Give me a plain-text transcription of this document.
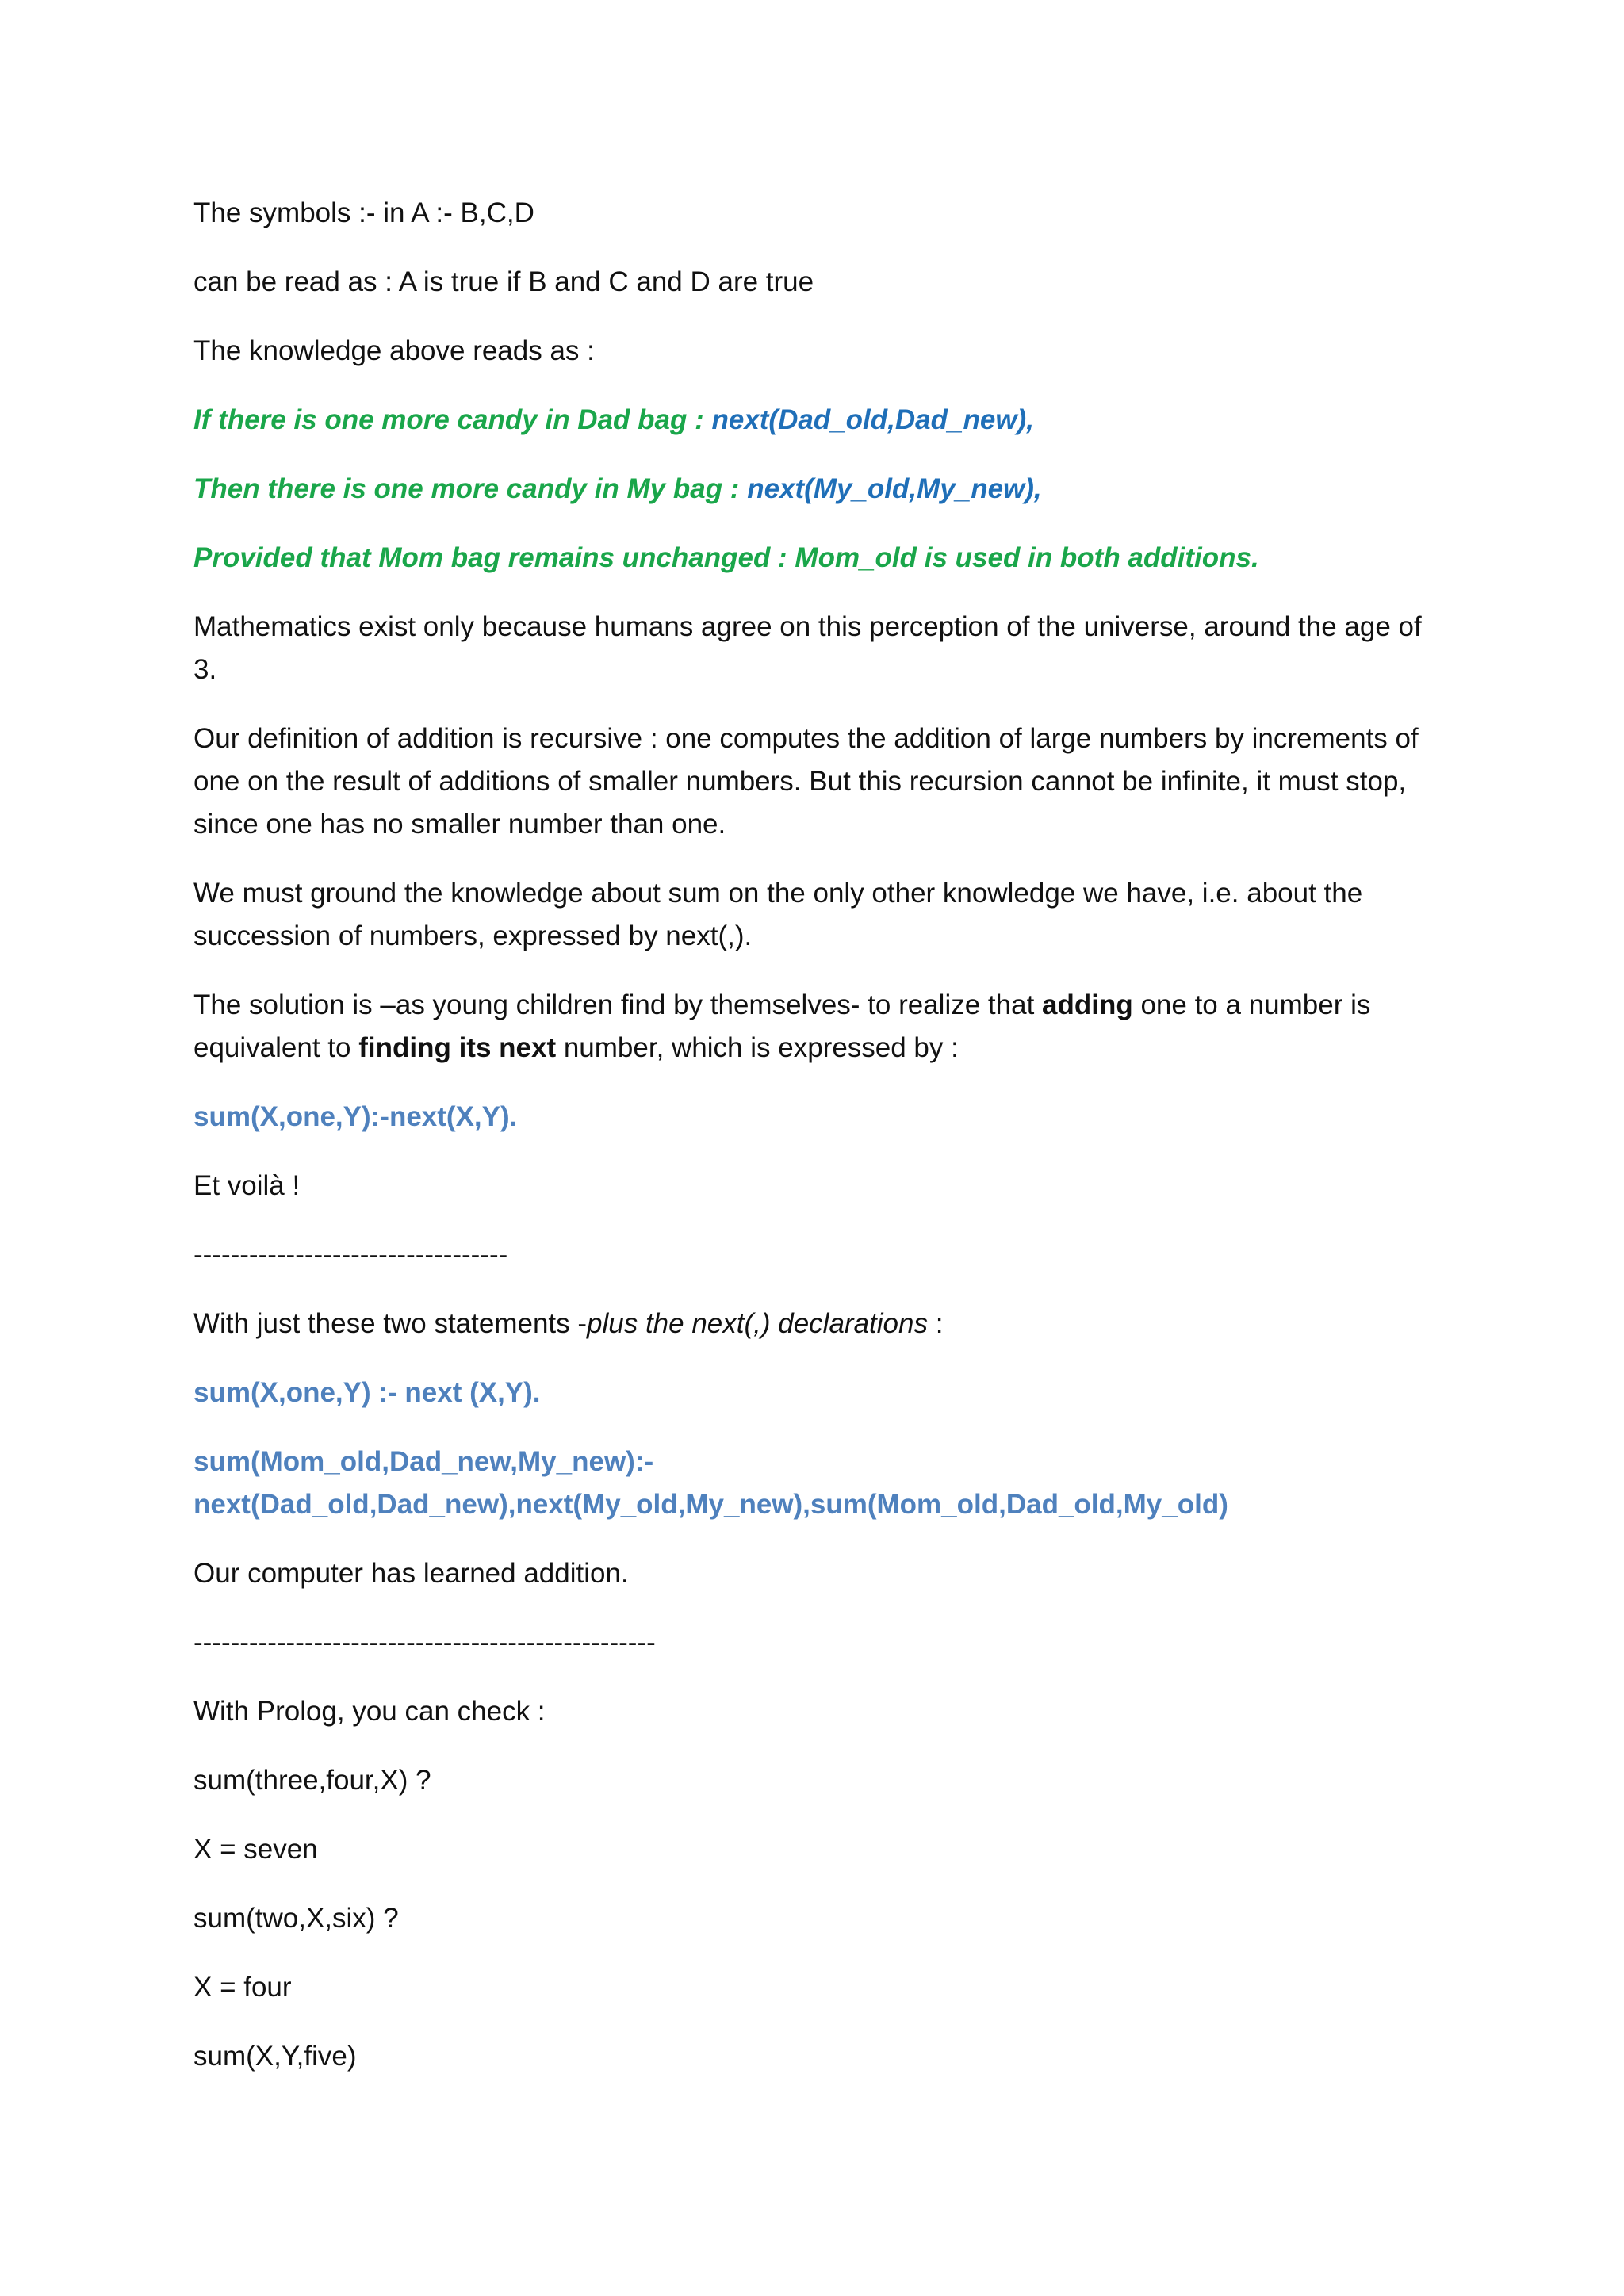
The symbols :- in A :- B,C,D

can be read as : A is true if B and C and D are true

The knowledge above reads as :

If there is one more candy in Dad bag : next(Dad_old,Dad_new),

Then there is one more candy in My bag : next(My_old,My_new),

Provided that Mom bag remains unchanged : Mom_old is used in both additions.

Mathematics exist only because humans agree on this perception of the universe, around the age of 3.

Our definition of addition is recursive : one computes the addition of large numbers by increments of one on the result of additions of smaller numbers. But this recursion cannot be infinite, it must stop, since one has no smaller number than one.

We must ground the knowledge about sum on the only other knowledge we have, i.e. about the succession of numbers, expressed by next(,).

The solution is –as young children find by themselves- to realize that adding one to a number is equivalent to finding its next number, which is expressed by :

sum(X,one,Y):-next(X,Y).

Et voilà !

----------------------------------

With just these two statements -plus the next(,) declarations :

sum(X,one,Y) :- next (X,Y).

sum(Mom_old,Dad_new,My_new):-
next(Dad_old,Dad_new),next(My_old,My_new),sum(Mom_old,Dad_old,My_old)

Our computer has learned addition.

--------------------------------------------------

With Prolog, you can check :

sum(three,four,X) ?

X = seven

sum(two,X,six) ?

X = four

sum(X,Y,five)
